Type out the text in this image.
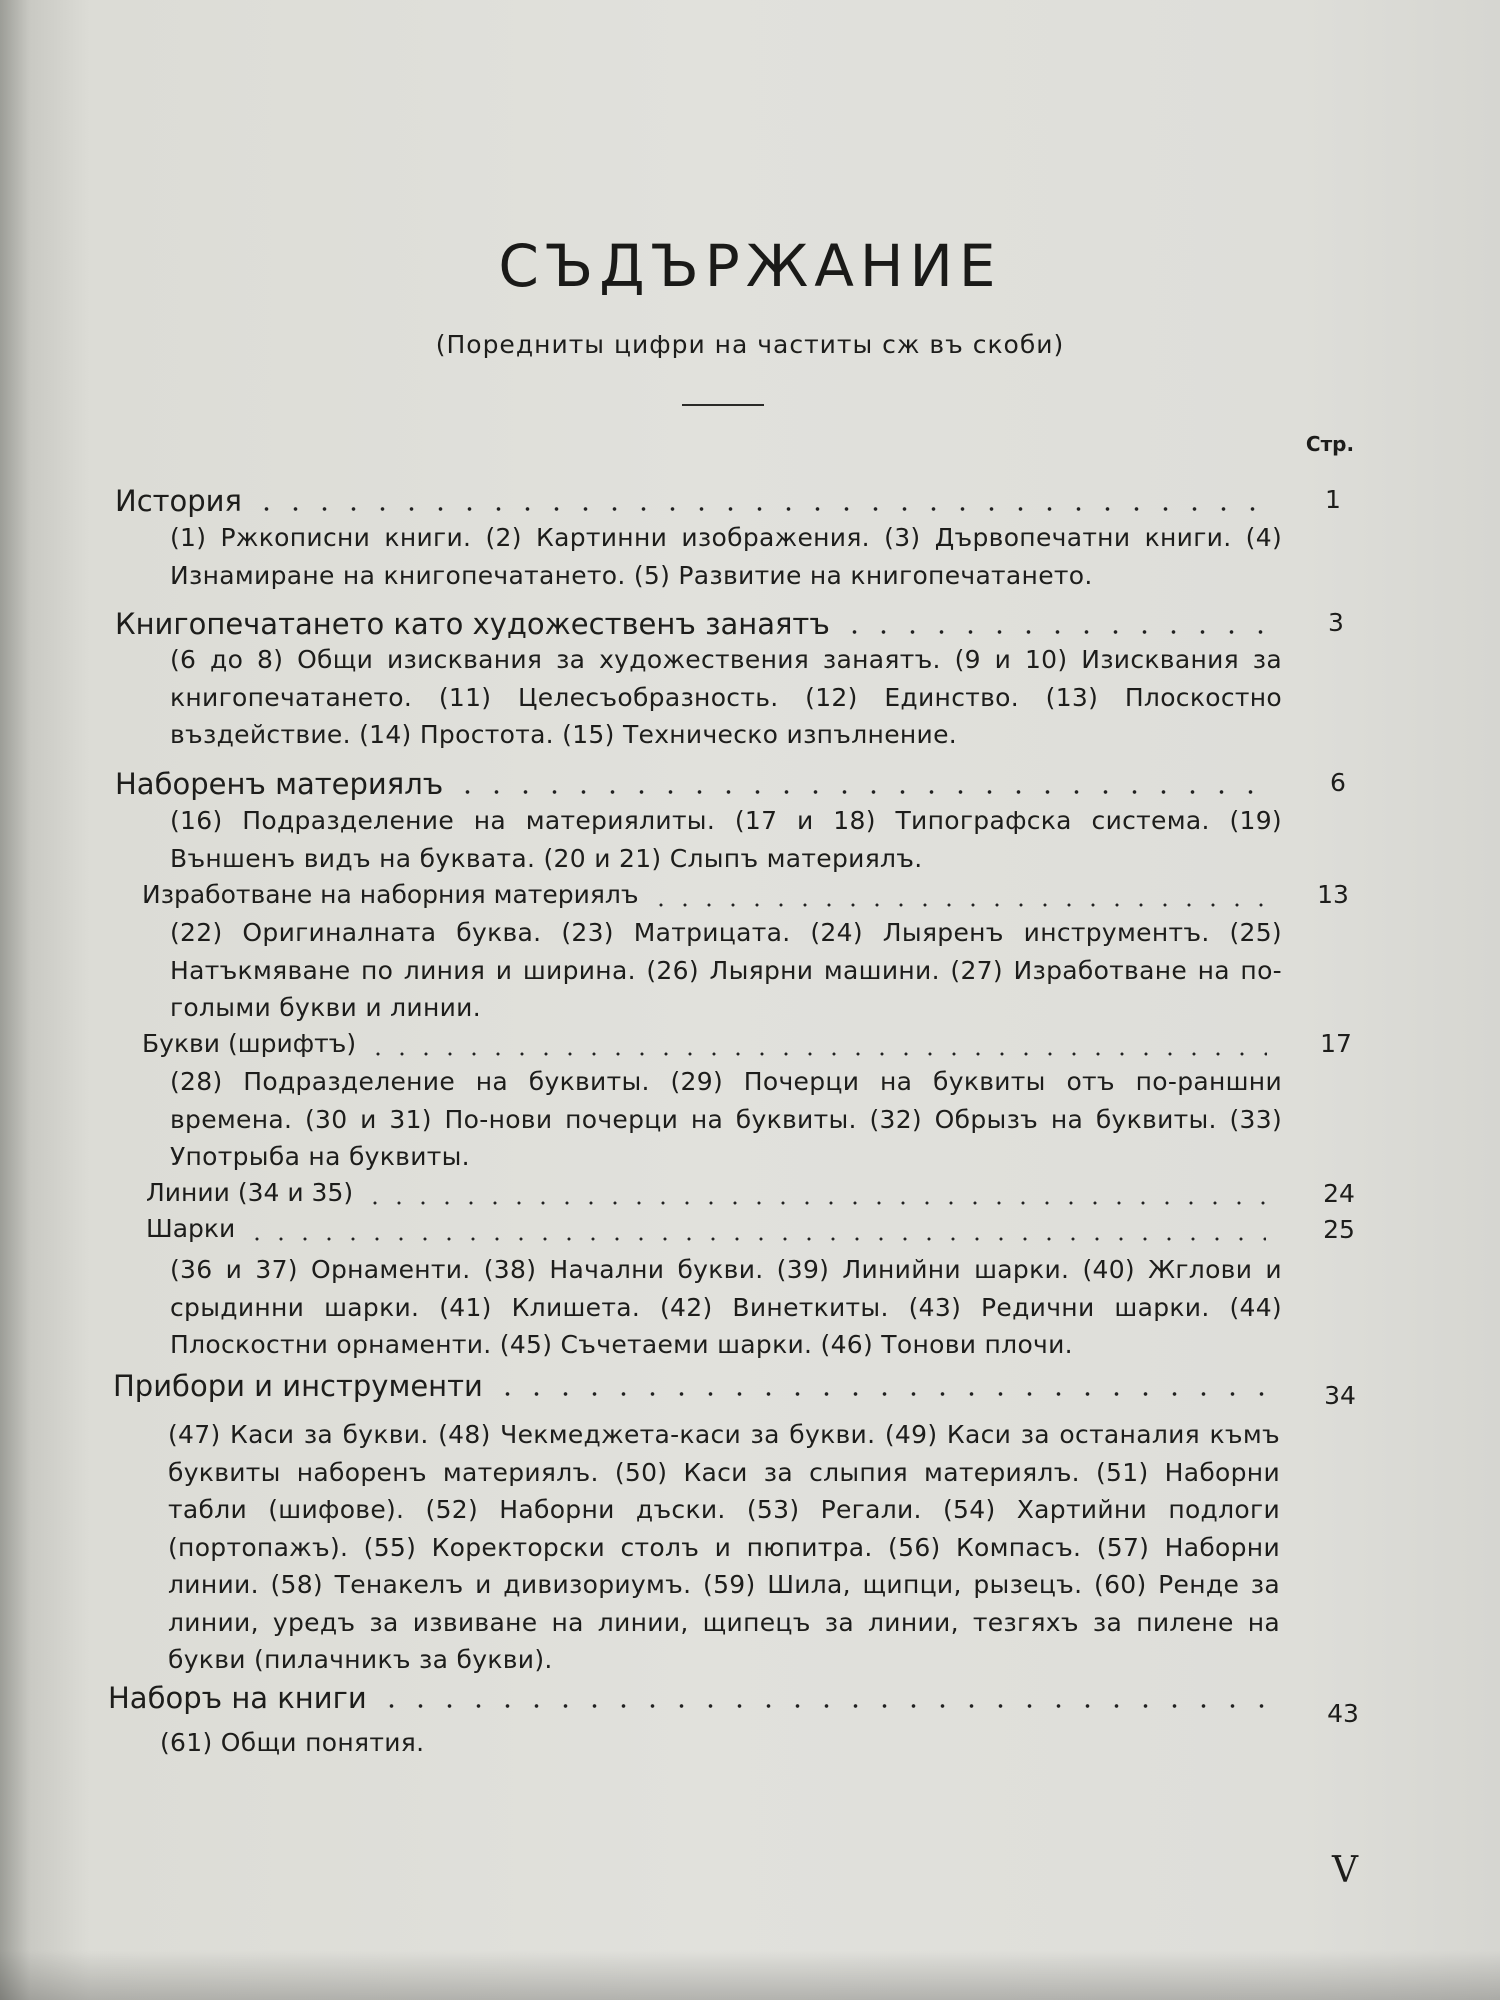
СЪДЪРЖАНИЕ
(Поредниты цифри на частиты сж въ скоби)
Стр.
История	1
(1) Ржкописни книги. (2) Картинни изображения. (3) Дървопечатни книги. (4) Изнамиране на книгопечатането. (5) Развитие на книгопечатането.
Книгопечатането като художественъ занаятъ	3
(6 до 8) Общи изисквания за художествения занаятъ. (9 и 10) Изисквания за книгопечатането. (11) Целесъобразность. (12) Единство. (13) Плоскостно въздействие. (14) Простота. (15) Техническо изпълнение.
Наборенъ материялъ	6
(16) Подразделение на материялиты. (17 и 18) Типографска система. (19) Външенъ видъ на буквата. (20 и 21) Слыпъ материялъ.
Изработване на наборния материялъ	13
(22) Оригиналната буква. (23) Матрицата. (24) Лыяренъ инструментъ. (25) Натъкмяване по линия и ширина. (26) Лыярни машини. (27) Изработване на по-голыми букви и линии.
Букви (шрифтъ)	17
(28) Подразделение на буквиты. (29) Почерци на буквиты отъ по-раншни времена. (30 и 31) По-нови почерци на буквиты. (32) Обрызъ на буквиты. (33) Употрыба на буквиты.
Линии (34 и 35)	24
Шарки	25
(36 и 37) Орнаменти. (38) Начални букви. (39) Линийни шарки. (40) Жглови и срыдинни шарки. (41) Клишета. (42) Винеткиты. (43) Редични шарки. (44) Плоскостни орнаменти. (45) Съчетаеми шарки. (46) Тонови плочи.
Прибори и инструменти	34
(47) Каси за букви. (48) Чекмеджета-каси за букви. (49) Каси за останалия къмъ буквиты наборенъ материялъ. (50) Каси за слыпия материялъ. (51) Наборни табли (шифове). (52) Наборни дъски. (53) Регали. (54) Хартийни подлоги (портопажъ). (55) Коректорски столъ и пюпитра. (56) Компасъ. (57) Наборни линии. (58) Тенакелъ и дивизориумъ. (59) Шила, щипци, рызецъ. (60) Ренде за линии, уредъ за извиване на линии, щипецъ за линии, тезгяхъ за пилене на букви (пилачникъ за букви).
Наборъ на книги	43
(61) Общи понятия.
V
